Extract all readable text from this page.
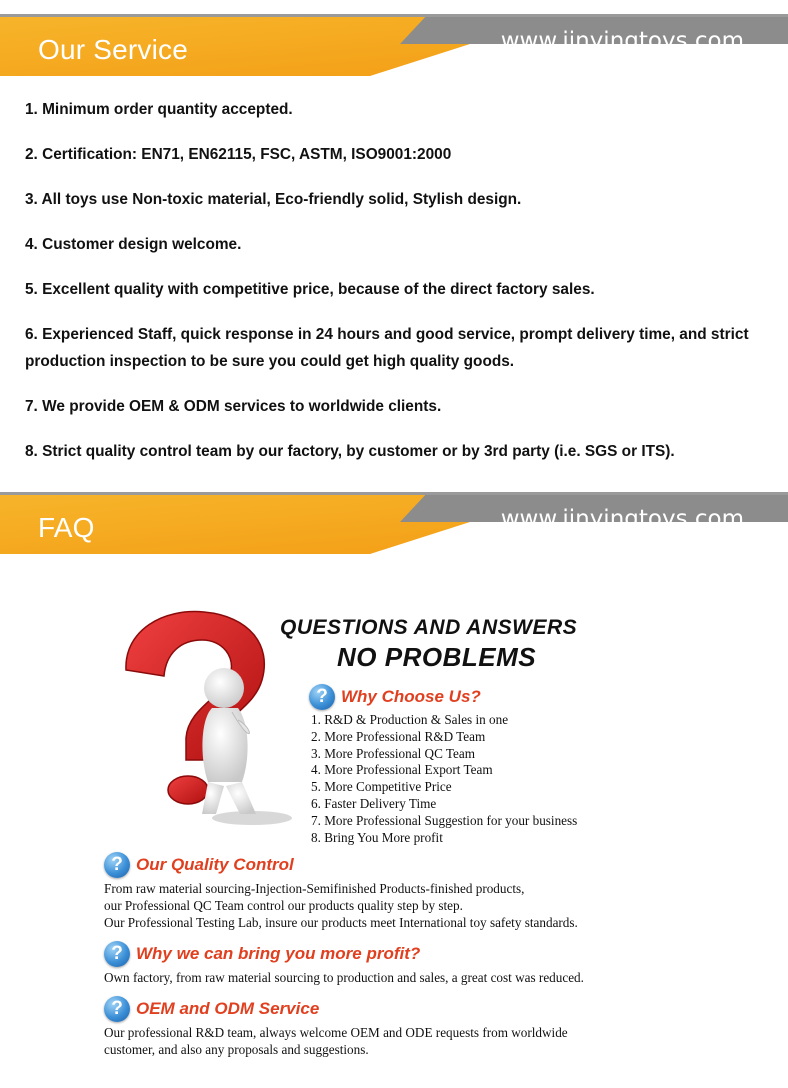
Our Service	www.jinyingtoys.com
1. Minimum order quantity accepted.
2. Certification: EN71, EN62115, FSC, ASTM, ISO9001:2000
3. All toys use Non-toxic material, Eco-friendly solid, Stylish design.
4. Customer design welcome.
5. Excellent quality with competitive price, because of the direct factory sales.
6. Experienced Staff, quick response in 24 hours and good service, prompt delivery time, and strict
production inspection to be sure you could get high quality goods.
7. We provide OEM & ODM services to worldwide clients.
8. Strict quality control team by our factory, by customer or by 3rd party (i.e. SGS or ITS).
FAQ	www.jinyingtoys.com
QUESTIONS AND ANSWERS
NO PROBLEMS
? Why Choose Us?
1. R&D & Production & Sales in one
2. More Professional R&D Team
3. More Professional QC Team
4. More Professional Export Team
5. More Competitive Price
6. Faster Delivery Time
7. More Professional Suggestion for your business
8. Bring You More profit
? Our Quality Control
From raw material sourcing-Injection-Semifinished Products-finished products,
our Professional QC Team control our products quality step by step.
Our Professional Testing Lab, insure our products meet International toy safety standards.
? Why we can bring you more profit?
Own factory, from raw material sourcing to production and sales, a great cost was reduced.
? OEM and ODM Service
Our professional R&D team, always welcome OEM and ODE requests from worldwide
customer, and also any proposals and suggestions.
